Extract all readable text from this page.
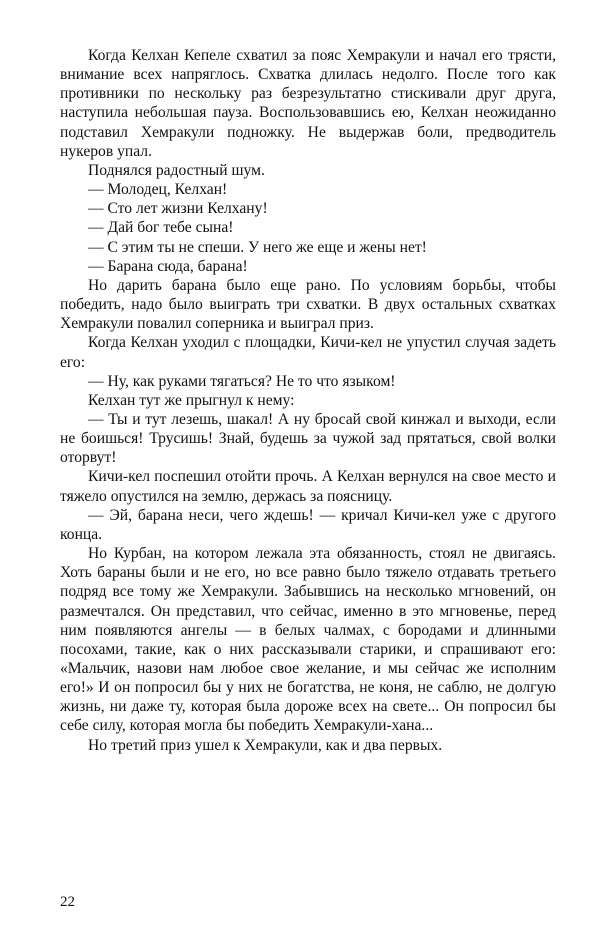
Когда Келхан Кепеле схватил за пояс Хемракули и начал его трясти, внимание всех напряглось. Схватка длилась недолго. После того как противники по нескольку раз безрезультатно стискивали друг друга, наступила небольшая пауза. Воспользовавшись ею, Келхан неожиданно подставил Хемракули подножку. Не выдержав боли, предводитель нукеров упал.

Поднялся радостный шум.

— Молодец, Келхан!

— Сто лет жизни Келхану!

— Дай бог тебе сына!

— С этим ты не спеши. У него же еще и жены нет!

— Барана сюда, барана!

Но дарить барана было еще рано. По условиям борьбы, чтобы победить, надо было выиграть три схватки. В двух остальных схватках Хемракули повалил соперника и выиграл приз.

Когда Келхан уходил с площадки, Кичи-кел не упустил случая задеть его:

— Ну, как руками тягаться? Не то что языком!

Келхан тут же прыгнул к нему:

— Ты и тут лезешь, шакал! А ну бросай свой кинжал и выходи, если не боишься! Трусишь! Знай, будешь за чужой зад прятаться, свой волки оторвут!

Кичи-кел поспешил отойти прочь. А Келхан вернулся на свое место и тяжело опустился на землю, держась за поясницу.

— Эй, барана неси, чего ждешь! — кричал Кичи-кел уже с другого конца.

Но Курбан, на котором лежала эта обязанность, стоял не двигаясь. Хоть бараны были и не его, но все равно было тяжело отдавать третьего подряд все тому же Хемракули. Забывшись на несколько мгновений, он размечтался. Он представил, что сейчас, именно в это мгновенье, перед ним появляются ангелы — в белых чалмах, с бородами и длинными посохами, такие, как о них рассказывали старики, и спрашивают его: «Мальчик, назови нам любое свое желание, и мы сейчас же исполним его!» И он попросил бы у них не богатства, не коня, не саблю, не долгую жизнь, ни даже ту, которая была дороже всех на свете... Он попросил бы себе силу, которая могла бы победить Хемракули-хана...

Но третий приз ушел к Хемракули, как и два первых.

22
